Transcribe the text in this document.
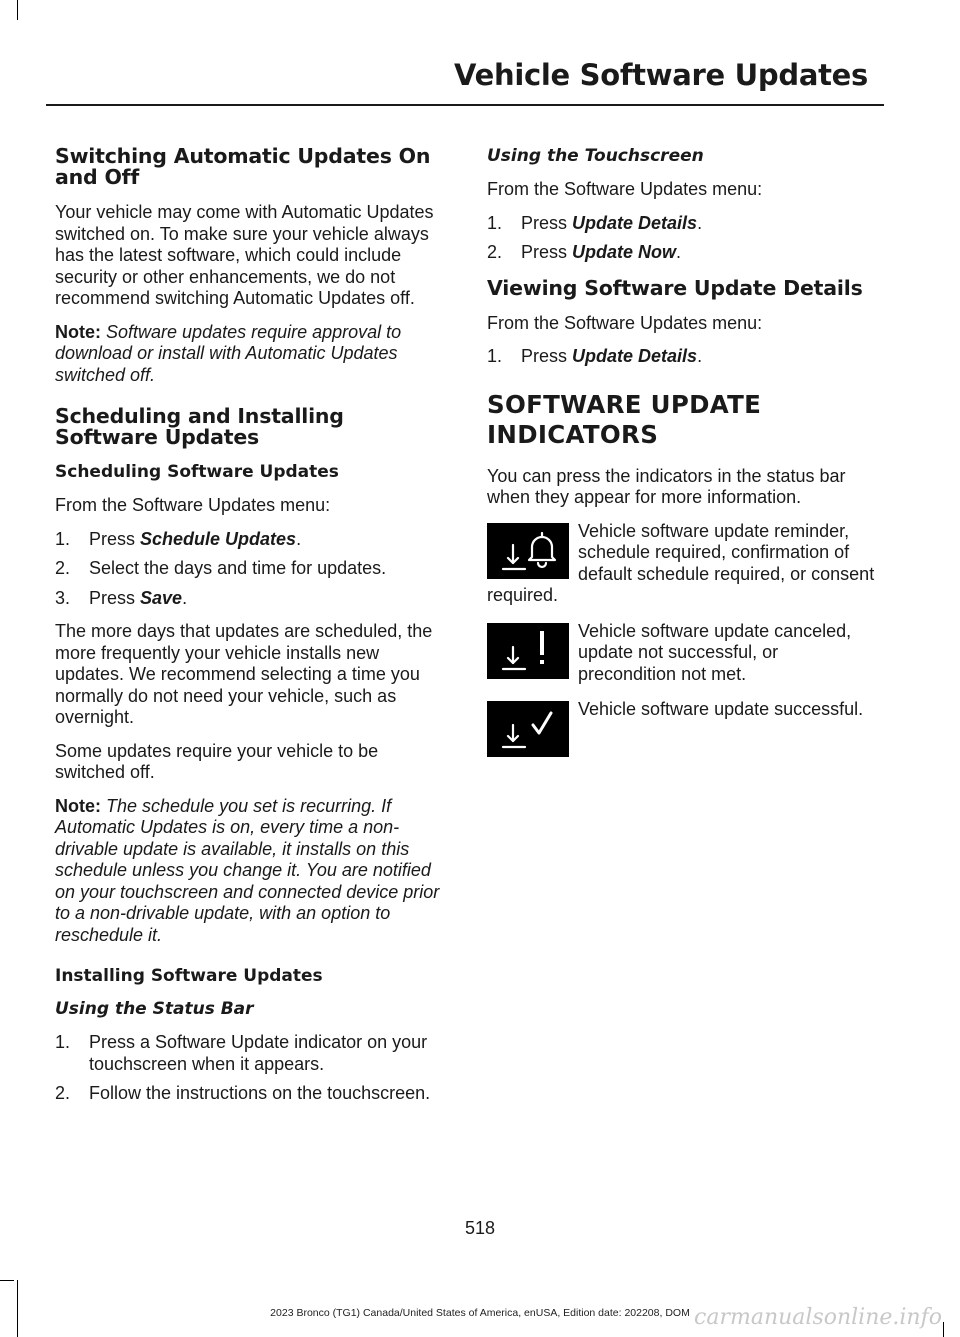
Vehicle Software Updates
Switching Automatic Updates On and Off

Your vehicle may come with Automatic Updates switched on. To make sure your vehicle always has the latest software, which could include security or other enhancements, we do not recommend switching Automatic Updates off.

Note: Software updates require approval to download or install with Automatic Updates switched off.

Scheduling and Installing Software Updates
Scheduling Software Updates

From the Software Updates menu:

1. Press Schedule Updates.
2. Select the days and time for updates.
3. Press Save.

The more days that updates are scheduled, the more frequently your vehicle installs new updates. We recommend selecting a time you normally do not need your vehicle, such as overnight.

Some updates require your vehicle to be switched off.

Note: The schedule you set is recurring. If Automatic Updates is on, every time a non-drivable update is available, it installs on this schedule unless you change it. You are notified on your touchscreen and connected device prior to a non-drivable update, with an option to reschedule it.

Installing Software Updates
Using the Status Bar
1. Press a Software Update indicator on your touchscreen when it appears.
2. Follow the instructions on the touchscreen.
Using the Touchscreen

From the Software Updates menu:

1. Press Update Details.
2. Press Update Now.
Viewing Software Update Details

From the Software Updates menu:

1. Press Update Details.
SOFTWARE UPDATE
INDICATORS

You can press the indicators in the status bar when they appear for more information.

Vehicle software update reminder, schedule required, confirmation of default schedule required, or consent required.

Vehicle software update canceled, update not successful, or precondition not met.

Vehicle software update successful.

518
2023 Bronco (TG1) Canada/United States of America, enUSA, Edition date: 202208, DOM carmanualsonline.info
